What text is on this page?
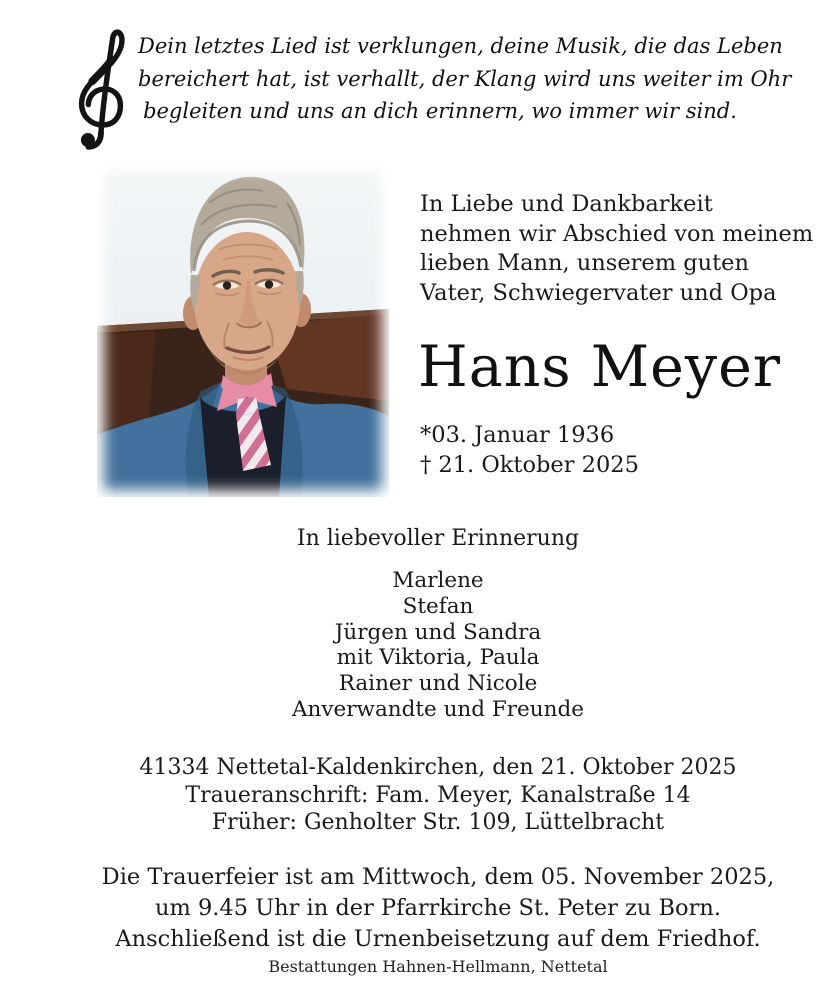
Dein letztes Lied ist verklungen, deine Musik, die das Leben
bereichert hat, ist verhallt, der Klang wird uns weiter im Ohr
begleiten und uns an dich erinnern, wo immer wir sind.
In Liebe und Dankbarkeit
nehmen wir Abschied von meinem
lieben Mann, unserem guten
Vater, Schwiegervater und Opa
Hans Meyer
*03. Januar 1936
† 21. Oktober 2025
In liebevoller Erinnerung
Marlene
Stefan
Jürgen und Sandra
mit Viktoria, Paula
Rainer und Nicole
Anverwandte und Freunde
41334 Nettetal-Kaldenkirchen, den 21. Oktober 2025
Traueranschrift: Fam. Meyer, Kanalstraße 14
Früher: Genholter Str. 109, Lüttelbracht
Die Trauerfeier ist am Mittwoch, dem 05. November 2025,
um 9.45 Uhr in der Pfarrkirche St. Peter zu Born.
Anschließend ist die Urnenbeisetzung auf dem Friedhof.
Bestattungen Hahnen-Hellmann, Nettetal
